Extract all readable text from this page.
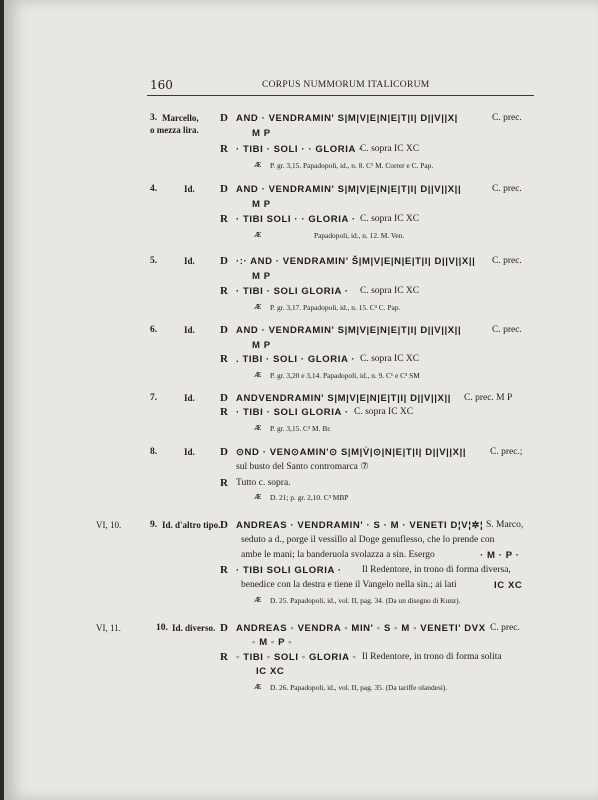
160	CORPUS NUMMORUM ITALICORUM
3. Marcello,
o mezza lira.
D AND · VENDRAMIN' S|M|V|E|N|E|T|I| D||V||X|	C. prec.
M P
R · TIBI · SOLI · · GLORIA ·
C. sopra IC XC
Æ P. gr. 3,15. Papadopoli, id., n. 8. C¹ M. Correr e C. Pap.
4.	Id. D AND · VENDRAMIN' S|M|V|E|N|E|T|I| D||V||X||	C. prec.
M P
R · TIBI SOLI · · GLORIA · C. sopra IC XC
Æ	Papadopoli, id., n. 12. M. Ven.
5.	Id. D ·:· AND · VENDRAMIN' Š|M|V|E|N|E|T|I| D||V||X|| C. prec.
M P
R · TIBI · SOLI GLORIA · C. sopra IC XC
Æ P. gr. 3,17. Papadopoli, id., n. 15. C³ C. Pap.
6.	Id. D AND · VENDRAMIN' S|M|V|E|N|E|T|I| D||V||X||	C. prec.
M P
R . TIBI · SOLI · GLORIA · C. sopra IC XC
Æ P. gr. 3,20 e 3,14. Papadopoli, id., n. 9. C¹ e C³ SM
7.	Id. D ANDVENDRAMIN' S|M|V|E|N|E|T|I| D||V||X|| C. prec. M P
R · TIBI · SOLI GLORIA · C. sopra IC XC
Æ P. gr. 3,15. C³ M. Br.
8.	Id. D ⊙ND · VEN⊙AMIN'⊙ S|M|V̇|⊙|N|E|T|I| D||V||X||	C. prec.;
sul busto del Santo contromarca ⑦
R Tutto c. sopra.
Æ D. 21; p. gr. 2,10. C³ MBP
VI, 10.	9. Id. d'altro tipo. D ANDREAS · VENDRAMIN' · S · M · VENETI D¦V¦✲¦ S. Marco,
seduto a d., porge il vessillo al Doge genuflesso, che lo prende con
ambe le mani; la banderuola svolazza a sin. Esergo	· M · P ·
R · TIBI SOLI GLORIA · Il Redentore, in trono di forma diversa,
benedice con la destra e tiene il Vangelo nella sin.; ai lati	IC XC
Æ D. 25. Papadopoli, id., vol. II, pag. 34. (Da un disegno di Kunz).
VI, 11.	10. Id. diverso. D ANDREAS ◦ VENDRA ◦ MIN' ◦ S ◦ M ◦ VENETI' DVX C. prec.
◦ M ◦ P ◦
R ◦ TIBI ◦ SOLI ◦ GLORIA ◦ Il Redentore, in trono di forma solita
IC XC
Æ D. 26. Papadopoli, id., vol. II, pag. 35. (Da tariffe olandesi).
